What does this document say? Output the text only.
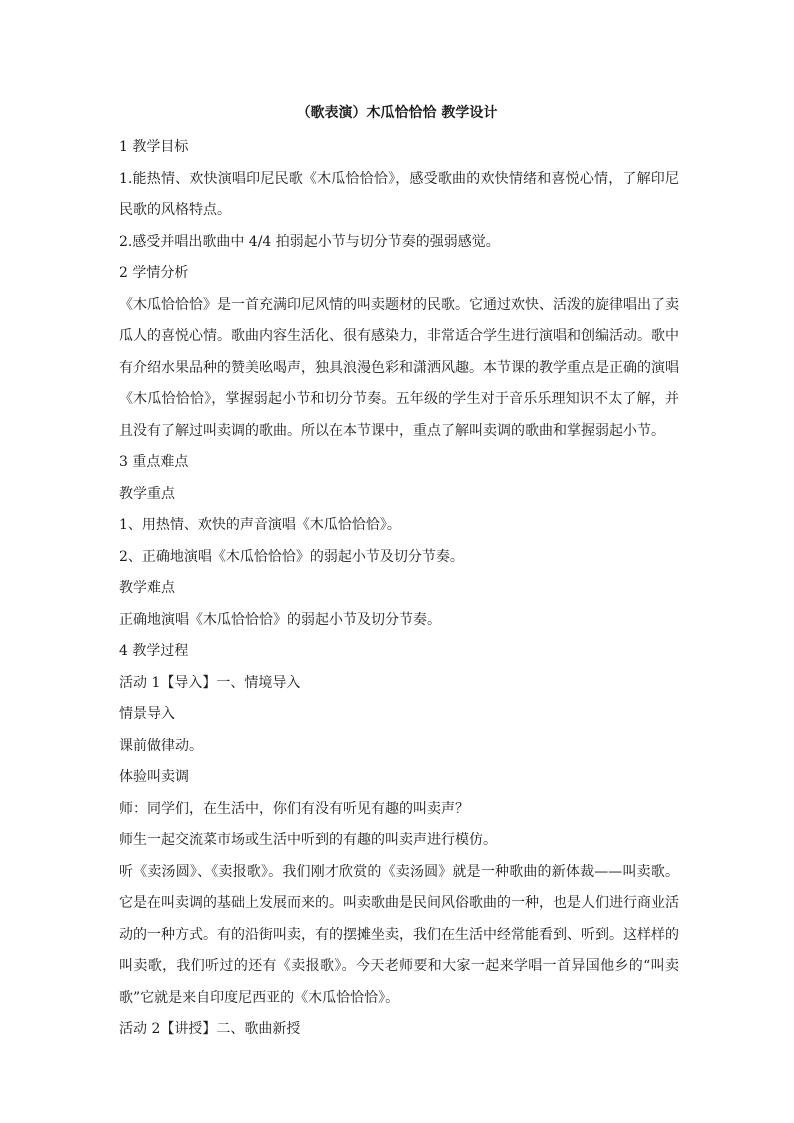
（歌表演）木瓜恰恰恰 教学设计

1 教学目标

1.能热情、欢快演唱印尼民歌《木瓜恰恰恰》，感受歌曲的欢快情绪和喜悦心情，了解印尼民歌的风格特点。

2.感受并唱出歌曲中 4/4 拍弱起小节与切分节奏的强弱感觉。

2 学情分析

《木瓜恰恰恰》是一首充满印尼风情的叫卖题材的民歌。它通过欢快、活泼的旋律唱出了卖瓜人的喜悦心情。歌曲内容生活化、很有感染力，非常适合学生进行演唱和创编活动。歌中有介绍水果品种的赞美吆喝声，独具浪漫色彩和潇洒风趣。本节课的教学重点是正确的演唱《木瓜恰恰恰》，掌握弱起小节和切分节奏。五年级的学生对于音乐乐理知识不太了解，并且没有了解过叫卖调的歌曲。所以在本节课中，重点了解叫卖调的歌曲和掌握弱起小节。

3 重点难点

教学重点

1、用热情、欢快的声音演唱《木瓜恰恰恰》。

2、正确地演唱《木瓜恰恰恰》的弱起小节及切分节奏。

教学难点

正确地演唱《木瓜恰恰恰》的弱起小节及切分节奏。

4 教学过程

活动 1【导入】一、情境导入

情景导入

课前做律动。

体验叫卖调

师：同学们，在生活中，你们有没有听见有趣的叫卖声？

师生一起交流菜市场或生活中听到的有趣的叫卖声进行模仿。

听《卖汤圆》、《卖报歌》。我们刚才欣赏的《卖汤圆》就是一种歌曲的新体裁——叫卖歌。它是在叫卖调的基础上发展而来的。叫卖歌曲是民间风俗歌曲的一种，也是人们进行商业活动的一种方式。有的沿街叫卖，有的摆摊坐卖，我们在生活中经常能看到、听到。这样样的叫卖歌，我们听过的还有《卖报歌》。今天老师要和大家一起来学唱一首异国他乡的“叫卖歌”它就是来自印度尼西亚的《木瓜恰恰恰》。

活动 2【讲授】二、歌曲新授
